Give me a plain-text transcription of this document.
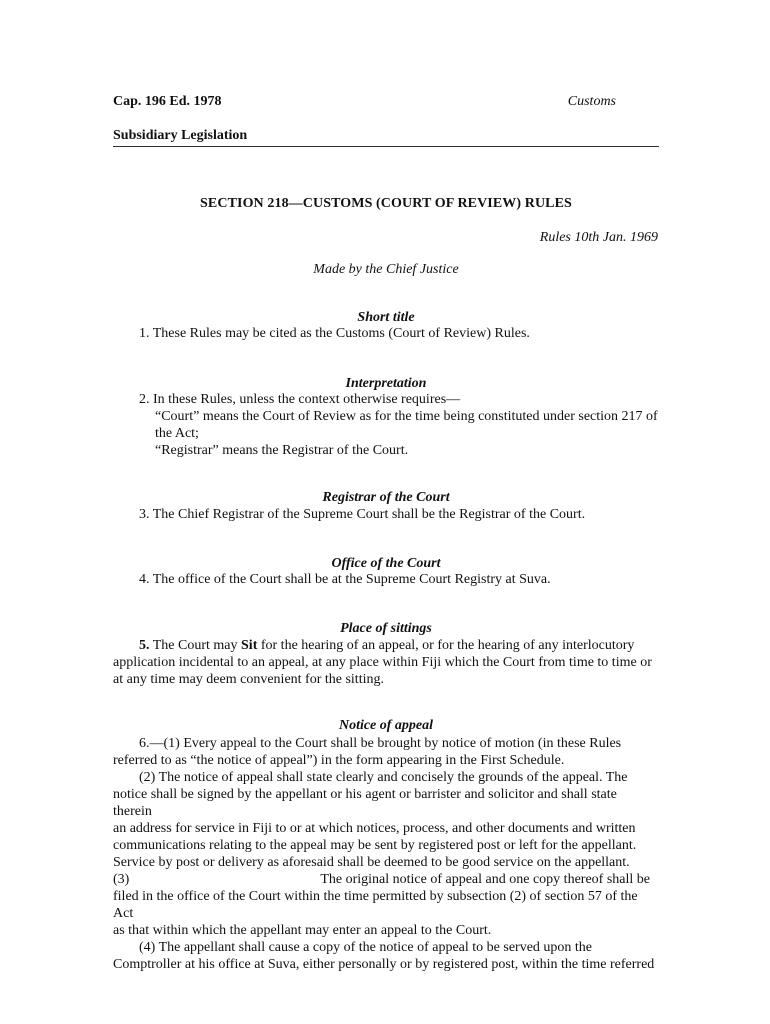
Cap. 196 Ed. 1978	Customs
Subsidiary Legislation
SECTION 218—CUSTOMS (COURT OF REVIEW) RULES
Rules 10th Jan. 1969
Made by the Chief Justice
Short title

1. These Rules may be cited as the Customs (Court of Review) Rules.

Interpretation

2. In these Rules, unless the context otherwise requires—

“Court” means the Court of Review as for the time being constituted under section 217 of

the Act;

“Registrar” means the Registrar of the Court.

Registrar of the Court

3. The Chief Registrar of the Supreme Court shall be the Registrar of the Court.

Office of the Court

4. The office of the Court shall be at the Supreme Court Registry at Suva.

Place of sittings

5. The Court may Sit for the hearing of an appeal, or for the hearing of any interlocutory

application incidental to an appeal, at any place within Fiji which the Court from time to time or

at any time may deem convenient for the sitting.

Notice of appeal

6.—(1) Every appeal to the Court shall be brought by notice of motion (in these Rules

referred to as “the notice of appeal”) in the form appearing in the First Schedule.

(2) The notice of appeal shall state clearly and concisely the grounds of the appeal. The

notice shall be signed by the appellant or his agent or barrister and solicitor and shall state therein

an address for service in Fiji to or at which notices, process, and other documents and written

communications relating to the appeal may be sent by registered post or left for the appellant.

Service by post or delivery as aforesaid shall be deemed to be good service on the appellant.

(3)	The original notice of appeal and one copy thereof shall be

filed in the office of the Court within the time permitted by subsection (2) of section 57 of the Act

as that within which the appellant may enter an appeal to the Court.

(4) The appellant shall cause a copy of the notice of appeal to be served upon the

Comptroller at his office at Suva, either personally or by registered post, within the time referred
